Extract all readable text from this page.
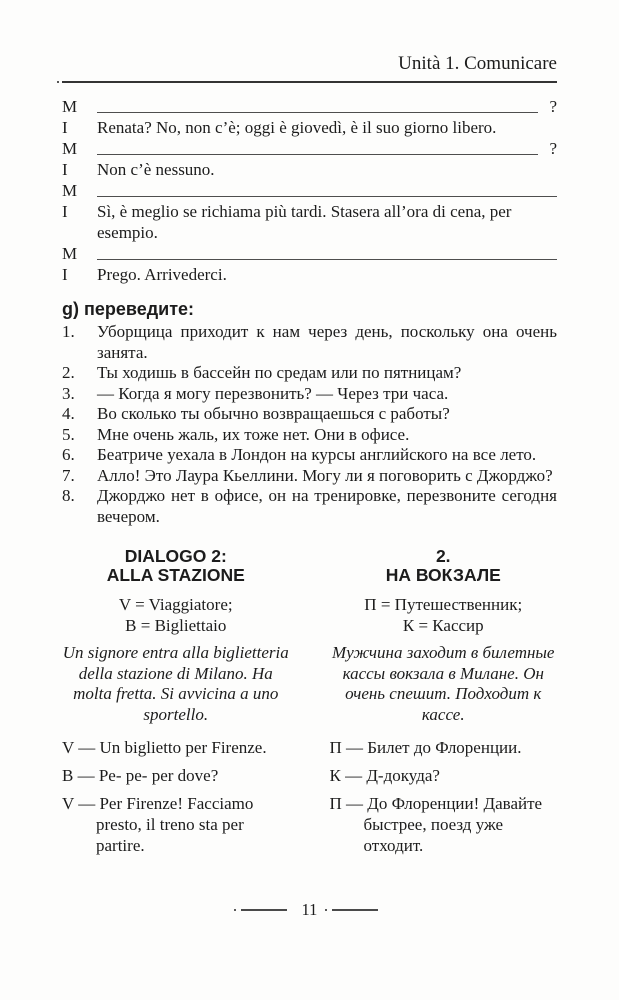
Unità 1. Comunicare
M	?
I	Renata? No, non c’è; oggi è giovedì, è il suo giorno libero.
M	?
I	Non c’è nessuno.
M
I	Sì, è meglio se richiama più tardi. Stasera all’ora di cena, per esempio.
M
I	Prego. Arrivederci.
g) переведите:
1.	Уборщица приходит к нам через день, поскольку она очень занята.
2.	Ты ходишь в бассейн по средам или по пятницам?
3.	— Когда я могу перезвонить? — Через три часа.
4.	Во сколько ты обычно возвращаешься с работы?
5.	Мне очень жаль, их тоже нет. Они в офисе.
6.	Беатриче уехала в Лондон на курсы английского на все лето.
7.	Алло! Это Лаура Кьеллини. Могу ли я поговорить с Джорджо?
8.	Джорджо нет в офисе, он на тренировке, перезвоните сегодня вечером.
DIALOGO 2:
ALLA STAZIONE
V = Viaggiatore;
B = Bigliettaio
Un signore entra alla biglietteria della stazione di Milano. Ha molta fretta. Si avvicina a uno sportello.
V — Un biglietto per Firenze.
B — Pe- pe- per dove?
V — Per Firenze! Facciamo presto, il treno sta per partire.
2.
НА ВОКЗАЛЕ
П = Путешественник;
К = Кассир
Мужчина заходит в билетные кассы вокзала в Милане. Он очень спешит. Подходит к кассе.
П — Билет до Флоренции.
К — Д-докуда?
П — До Флоренции! Давайте быстрее, поезд уже отходит.
11
